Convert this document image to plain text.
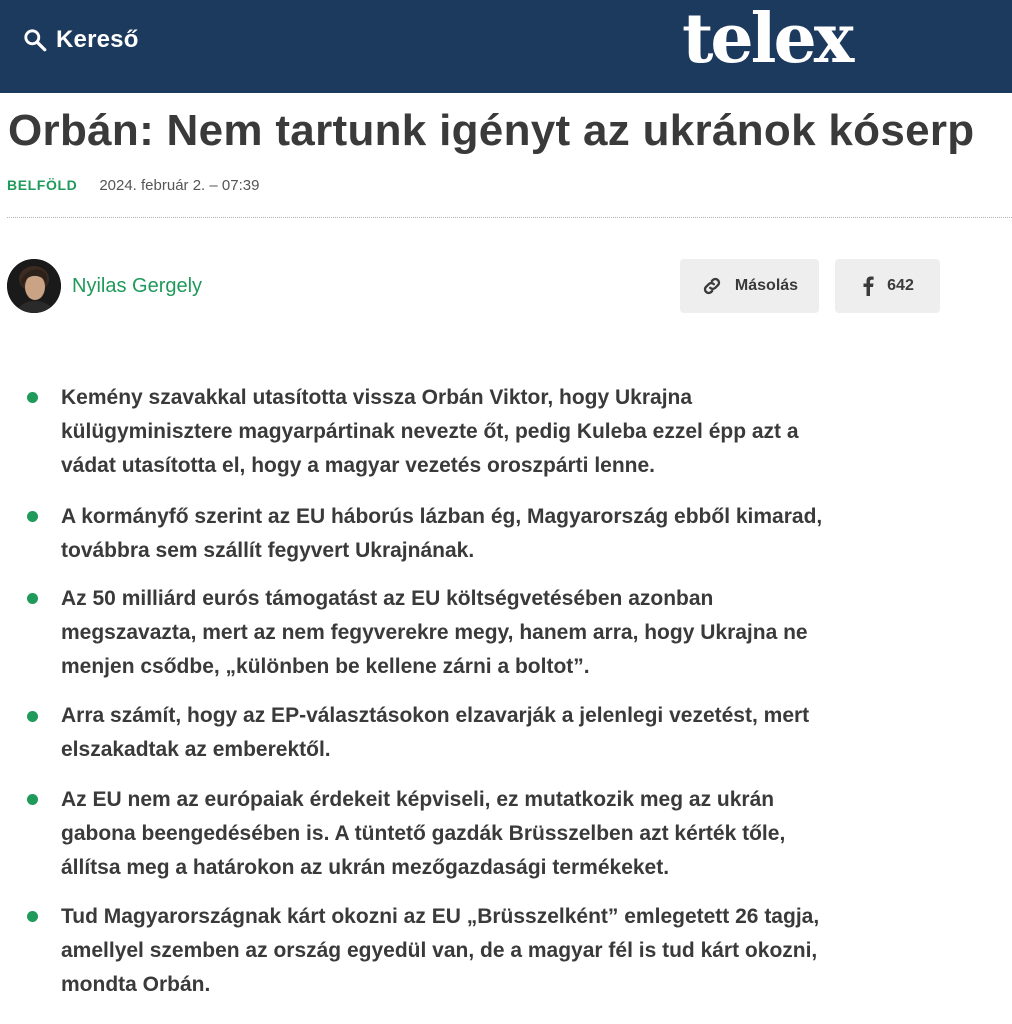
Kereső	telex
Orbán: Nem tartunk igényt az ukránok kóserp
BELFÖLD 2024. február 2. – 07:39
Nyilas Gergely	Másolás	642
Kemény szavakkal utasította vissza Orbán Viktor, hogy Ukrajna
külügyminisztere magyarpártinak nevezte őt, pedig Kuleba ezzel épp azt a
vádat utasította el, hogy a magyar vezetés oroszpárti lenne.
A kormányfő szerint az EU háborús lázban ég, Magyarország ebből kimarad,
továbbra sem szállít fegyvert Ukrajnának.
Az 50 milliárd eurós támogatást az EU költségvetésében azonban
megszavazta, mert az nem fegyverekre megy, hanem arra, hogy Ukrajna ne
menjen csődbe, „különben be kellene zárni a boltot”.
Arra számít, hogy az EP-választásokon elzavarják a jelenlegi vezetést, mert
elszakadtak az emberektől.
Az EU nem az európaiak érdekeit képviseli, ez mutatkozik meg az ukrán
gabona beengedésében is. A tüntető gazdák Brüsszelben azt kérték tőle,
állítsa meg a határokon az ukrán mezőgazdasági termékeket.
Tud Magyarországnak kárt okozni az EU „Brüsszelként” emlegetett 26 tagja,
amellyel szemben az ország egyedül van, de a magyar fél is tud kárt okozni,
mondta Orbán.
